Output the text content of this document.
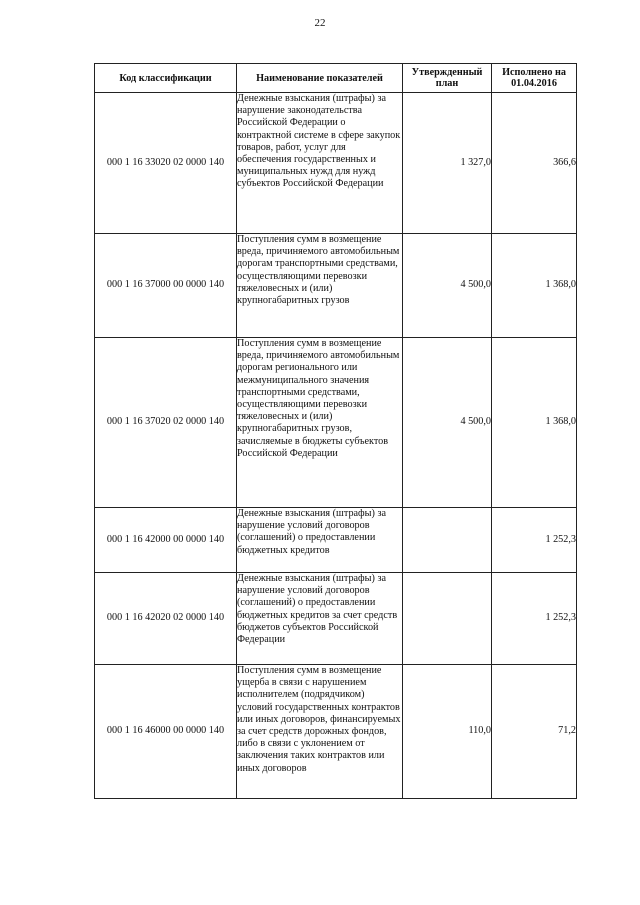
22
Код классификации	Наименование показателей	Утвержденный план	Исполнено на 01.04.2016
000 1 16 33020 02 0000 140	Денежные взыскания (штрафы) за нарушение законодательства Российской Федерации о контрактной системе в сфере закупок товаров, работ, услуг для обеспечения государственных и муниципальных нужд для нужд субъектов Российской Федерации	1 327,0	366,6
000 1 16 37000 00 0000 140	Поступления сумм в возмещение вреда, причиняемого автомобильным дорогам транспортными средствами, осуществляющими перевозки тяжеловесных и (или) крупногабаритных грузов	4 500,0	1 368,0
000 1 16 37020 02 0000 140	Поступления сумм в возмещение вреда, причиняемого автомобильным дорогам регионального или межмуниципального значения транспортными средствами, осуществляющими перевозки тяжеловесных и (или) крупногабаритных грузов, зачисляемые в бюджеты субъектов Российской Федерации	4 500,0	1 368,0
000 1 16 42000 00 0000 140	Денежные взыскания (штрафы) за нарушение условий договоров (соглашений) о предоставлении бюджетных кредитов		1 252,3
000 1 16 42020 02 0000 140	Денежные взыскания (штрафы) за нарушение условий договоров (соглашений) о предоставлении бюджетных кредитов за счет средств бюджетов субъектов Российской Федерации		1 252,3
000 1 16 46000 00 0000 140	Поступления сумм в возмещение ущерба в связи с нарушением исполнителем (подрядчиком) условий государственных контрактов или иных договоров, финансируемых за счет средств дорожных фондов, либо в связи с уклонением от заключения таких контрактов или иных договоров	110,0	71,2
